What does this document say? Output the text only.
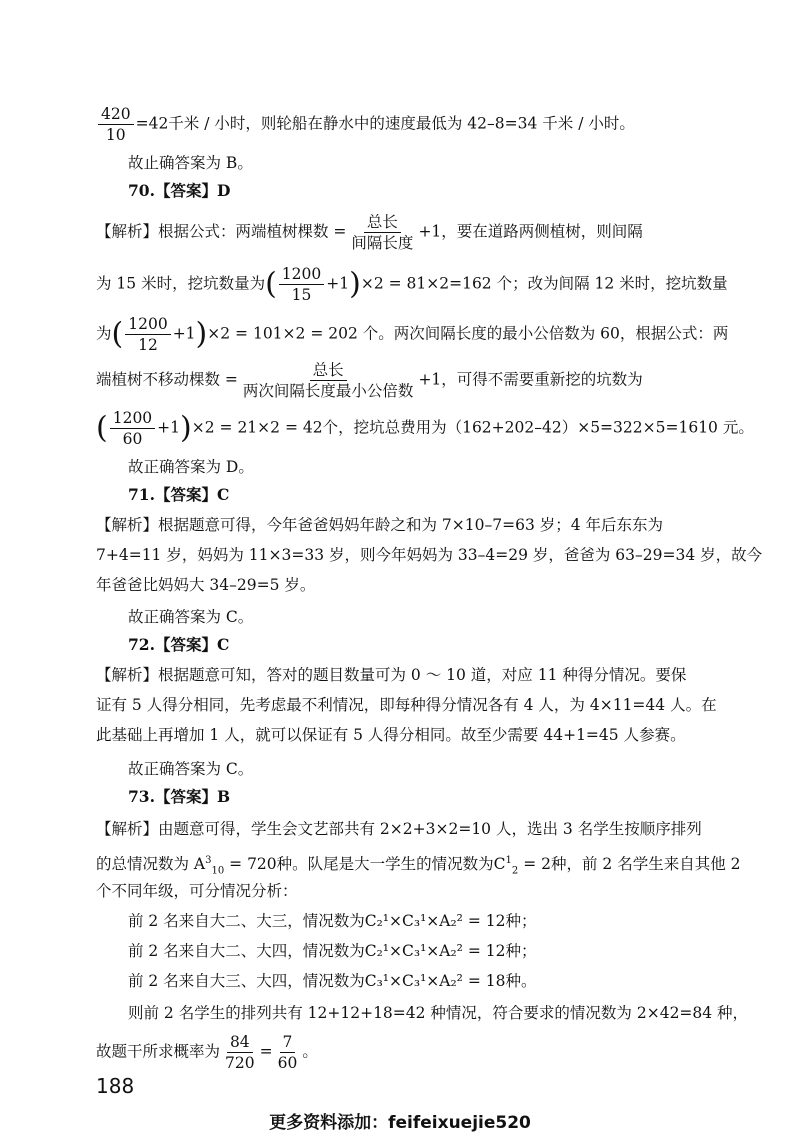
$\frac{420}{10} =42$千米 / 小时，则轮船在静水中的速度最低为 42–8=34 千米 / 小时。
故止确答案为 B。
70.【答案】D
【解析】根据公式：两端植树棵数 = $\frac{\text{总长}}{\text{间隔长度}} +1$，要在道路两侧植树，则间隔
为 15 米时，挖坑数量为( $\frac{1200}{15} +1)\times 2 = 81\times 2=162$ 个；改为间隔 12 米时，挖坑数量
为( $\frac{1200}{12} +1)\times 2 = 101\times 2 = 202$ 个。两次间隔长度的最小公倍数为 60，根据公式：两
端植树不移动棵数 = $\frac{\text{总长}}{\text{两次间隔长度最小公倍数}} +1$，可得不需要重新挖的坑数为
( $\frac{1200}{60} +1)\times 2 = 21\times 2 = 42$个，挖坑总费用为（162+202–42）×5=322×5=1610 元。
故正确答案为 D。
71.【答案】C
【解析】根据题意可得，今年爸爸妈妈年龄之和为 7×10–7=63 岁；4 年后东东为
7+4=11 岁，妈妈为 11×3=33 岁，则今年妈妈为 33–4=29 岁，爸爸为 63–29=34 岁，故今
年爸爸比妈妈大 34–29=5 岁。
故正确答案为 C。
72.【答案】C
【解析】根据题意可知，答对的题目数量可为 0 ～ 10 道，对应 11 种得分情况。要保
证有 5 人得分相同，先考虑最不利情况，即每种得分情况各有 4 人，为 4×11=44 人。在
此基础上再增加 1 人，就可以保证有 5 人得分相同。故至少需要 44+1=45 人参赛。
故正确答案为 C。
73.【答案】B
【解析】由题意可得，学生会文艺部共有 2×2+3×2=10 人，选出 3 名学生按顺序排列
的总情况数为 $A^3_{10} = 720$种。队尾是大一学生的情况数为$C^1_2 = 2$种，前 2 名学生来自其他 2
个不同年级，可分情况分析：
前 2 名来自大二、大三，情况数为C₂¹×C₃¹×A₂² = 12种；
前 2 名来自大二、大四，情况数为C₂¹×C₃¹×A₂² = 12种；
前 2 名来自大三、大四，情况数为C₃¹×C₃¹×A₂² = 18种。
则前 2 名学生的排列共有 12+12+18=42 种情况，符合要求的情况数为 2×42=84 种，
故题干所求概率为 $\frac{84}{720} = \frac{7}{60}$ 。
188
更多资料添加：feifeixuejie520
